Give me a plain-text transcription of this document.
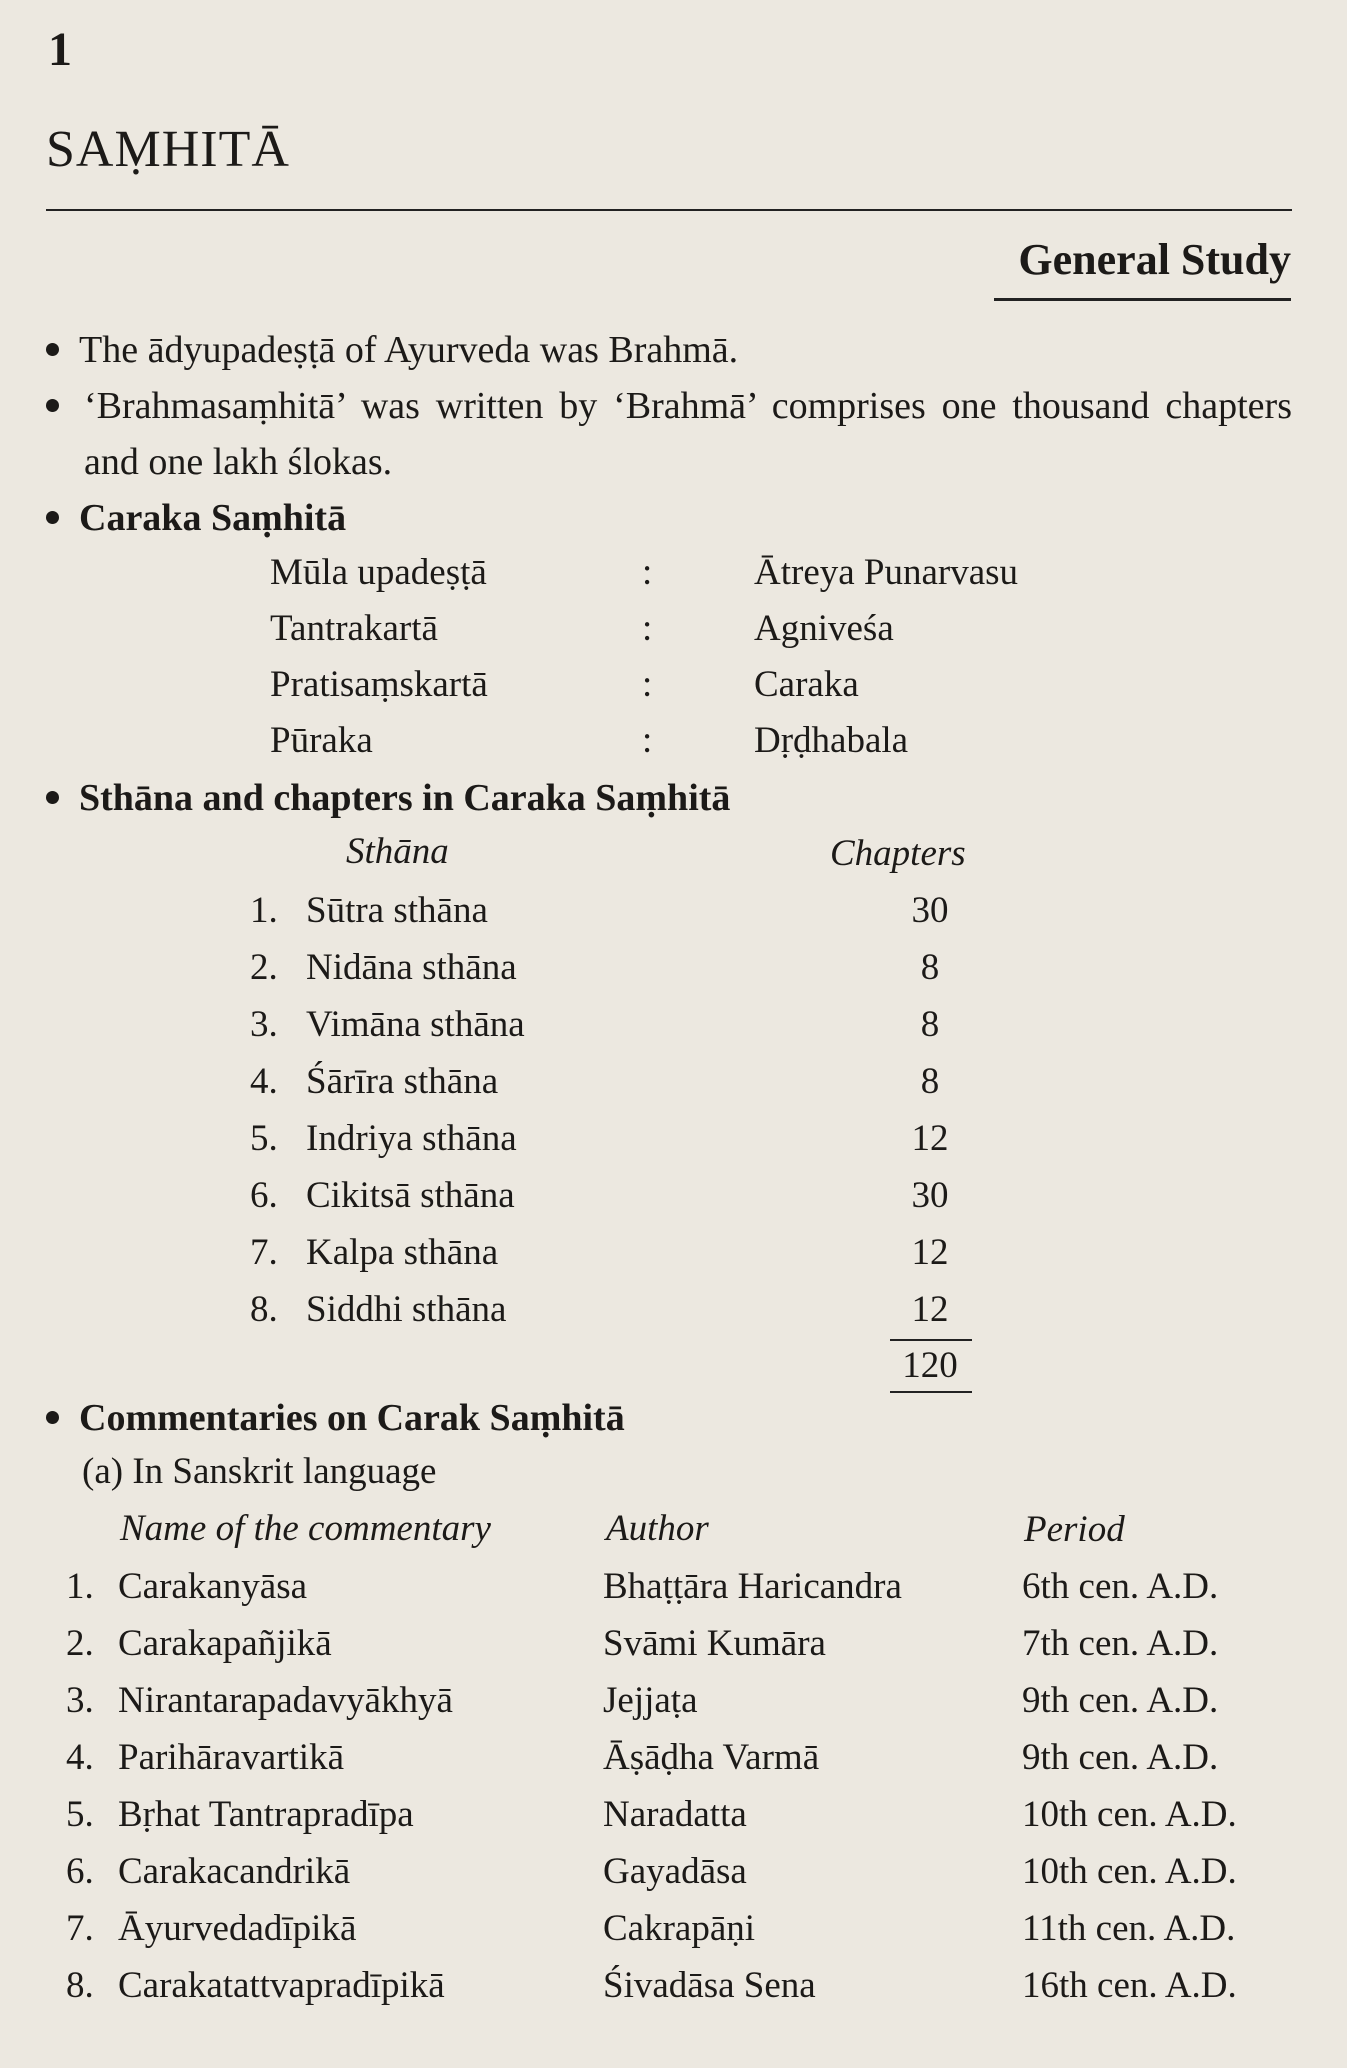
1
SAṂHITĀ
General Study
The ādyupadeṣṭā of Ayurveda was Brahmā.
‘Brahmasaṃhitā’ was written by ‘Brahmā’ comprises one thousand chapters and one lakh ślokas.
Caraka Saṃhitā
Mūla upadeṣṭā	:	Ātreya Punarvasu
Tantrakartā	:	Agniveśa
Pratisaṃskartā	:	Caraka
Pūraka	:	Dṛḍhabala
Sthāna and chapters in Caraka Saṃhitā
Sthāna	Chapters
1. Sūtra sthāna	30
2. Nidāna sthāna	8
3. Vimāna sthāna	8
4. Śārīra sthāna	8
5. Indriya sthāna	12
6. Cikitsā sthāna	30
7. Kalpa sthāna	12
8. Siddhi sthāna	12
120
Commentaries on Carak Saṃhitā
(a) In Sanskrit language
Name of the commentary	Author	Period
1. Carakanyāsa	Bhaṭṭāra Haricandra	6th cen. A.D.
2. Carakapañjikā	Svāmi Kumāra	7th cen. A.D.
3. Nirantarapadavyākhyā	Jejjaṭa	9th cen. A.D.
4. Parihāravartikā	Āṣāḍha Varmā	9th cen. A.D.
5. Bṛhat Tantrapradīpa	Naradatta	10th cen. A.D.
6. Carakacandrikā	Gayadāsa	10th cen. A.D.
7. Āyurvedadīpikā	Cakrapāṇi	11th cen. A.D.
8. Carakatattvapradīpikā	Śivadāsa Sena	16th cen. A.D.
